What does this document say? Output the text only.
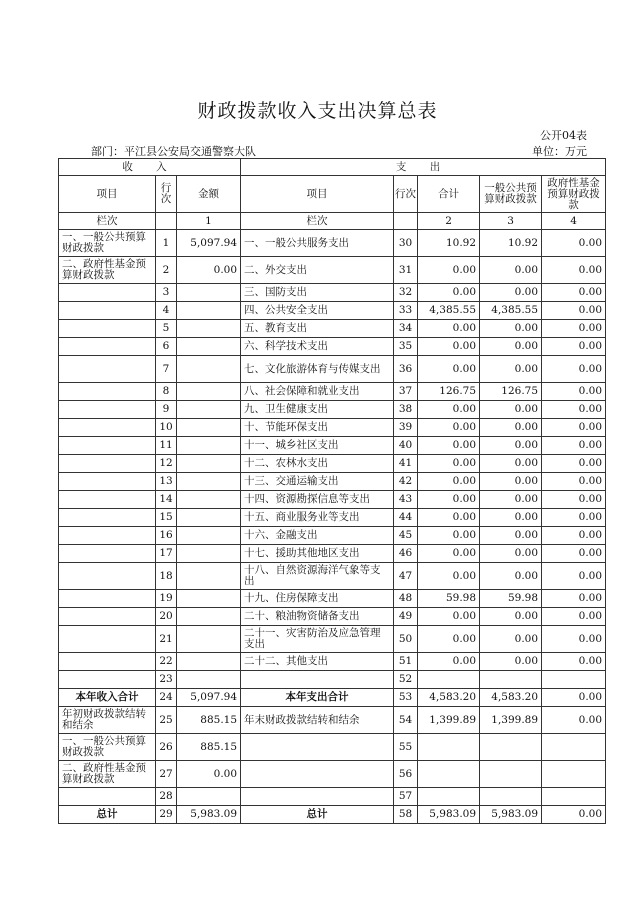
财政拨款收入支出决算总表
公开04表
部门：平江县公安局交通警察大队	单位：万元
收 入			支 出				
项目	行次	金额	项目	行次	合计	一般公共预算财政拨款	政府性基金预算财政拨款
栏次		1	栏次		2	3	4
一、一般公共预算财政拨款	1	5,097.94	一、一般公共服务支出	30	10.92	10.92	0.00
二、政府性基金预算财政拨款	2	0.00	二、外交支出	31	0.00	0.00	0.00
	3		三、国防支出	32	0.00	0.00	0.00
	4		四、公共安全支出	33	4,385.55	4,385.55	0.00
	5		五、教育支出	34	0.00	0.00	0.00
	6		六、科学技术支出	35	0.00	0.00	0.00
	7		七、文化旅游体育与传媒支出	36	0.00	0.00	0.00
	8		八、社会保障和就业支出	37	126.75	126.75	0.00
	9		九、卫生健康支出	38	0.00	0.00	0.00
	10		十、节能环保支出	39	0.00	0.00	0.00
	11		十一、城乡社区支出	40	0.00	0.00	0.00
	12		十二、农林水支出	41	0.00	0.00	0.00
	13		十三、交通运输支出	42	0.00	0.00	0.00
	14		十四、资源勘探信息等支出	43	0.00	0.00	0.00
	15		十五、商业服务业等支出	44	0.00	0.00	0.00
	16		十六、金融支出	45	0.00	0.00	0.00
	17		十七、援助其他地区支出	46	0.00	0.00	0.00
	18		十八、自然资源海洋气象等支出	47	0.00	0.00	0.00
	19		十九、住房保障支出	48	59.98	59.98	0.00
	20		二十、粮油物资储备支出	49	0.00	0.00	0.00
	21		二十一、灾害防治及应急管理支出	50	0.00	0.00	0.00
	22		二十二、其他支出	51	0.00	0.00	0.00
	23			52			
本年收入合计	24	5,097.94	本年支出合计	53	4,583.20	4,583.20	0.00
年初财政拨款结转和结余	25	885.15	年末财政拨款结转和结余	54	1,399.89	1,399.89	0.00
一、一般公共预算财政拨款	26	885.15		55			
二、政府性基金预算财政拨款	27	0.00		56			
	28			57			
总计	29	5,983.09	总计	58	5,983.09	5,983.09	0.00
